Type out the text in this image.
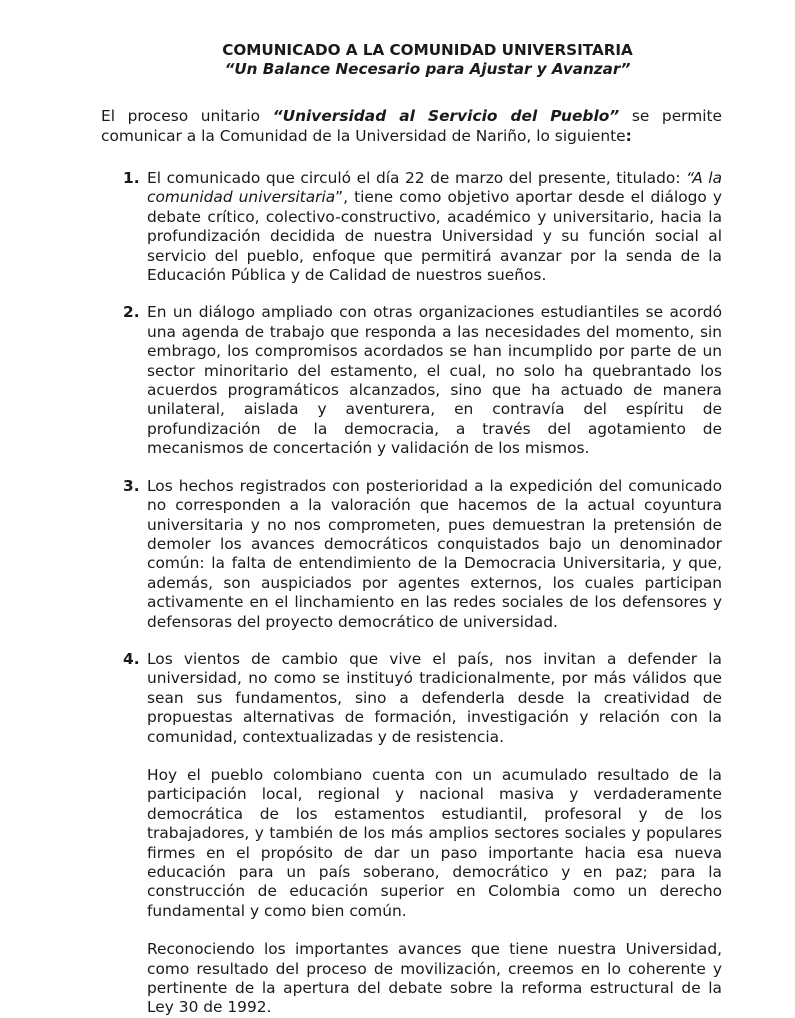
COMUNICADO A LA COMUNIDAD UNIVERSITARIA
“Un Balance Necesario para Ajustar y Avanzar”

El proceso unitario “Universidad al Servicio del Pueblo” se permite comunicar a la Comunidad de la Universidad de Nariño, lo siguiente:

1. El comunicado que circuló el día 22 de marzo del presente, titulado: “A la comunidad universitaria”, tiene como objetivo aportar desde el diálogo y debate crítico, colectivo-constructivo, académico y universitario, hacia la profundización decidida de nuestra Universidad y su función social al servicio del pueblo, enfoque que permitirá avanzar por la senda de la Educación Pública y de Calidad de nuestros sueños.

2. En un diálogo ampliado con otras organizaciones estudiantiles se acordó una agenda de trabajo que responda a las necesidades del momento, sin embrago, los compromisos acordados se han incumplido por parte de un sector minoritario del estamento, el cual, no solo ha quebrantado los acuerdos programáticos alcanzados, sino que ha actuado de manera unilateral, aislada y aventurera, en contravía del espíritu de profundización de la democracia, a través del agotamiento de mecanismos de concertación y validación de los mismos.

3. Los hechos registrados con posterioridad a la expedición del comunicado no corresponden a la valoración que hacemos de la actual coyuntura universitaria y no nos comprometen, pues demuestran la pretensión de demoler los avances democráticos conquistados bajo un denominador común: la falta de entendimiento de la Democracia Universitaria, y que, además, son auspiciados por agentes externos, los cuales participan activamente en el linchamiento en las redes sociales de los defensores y defensoras del proyecto democrático de universidad.

4. Los vientos de cambio que vive el país, nos invitan a defender la universidad, no como se instituyó tradicionalmente, por más válidos que sean sus fundamentos, sino a defenderla desde la creatividad de propuestas alternativas de formación, investigación y relación con la comunidad, contextualizadas y de resistencia.

Hoy el pueblo colombiano cuenta con un acumulado resultado de la participación local, regional y nacional masiva y verdaderamente democrática de los estamentos estudiantil, profesoral y de los trabajadores, y también de los más amplios sectores sociales y populares firmes en el propósito de dar un paso importante hacia esa nueva educación para un país soberano, democrático y en paz; para la construcción de educación superior en Colombia como un derecho fundamental y como bien común.

Reconociendo los importantes avances que tiene nuestra Universidad, como resultado del proceso de movilización, creemos en lo coherente y pertinente de la apertura del debate sobre la reforma estructural de la Ley 30 de 1992.
